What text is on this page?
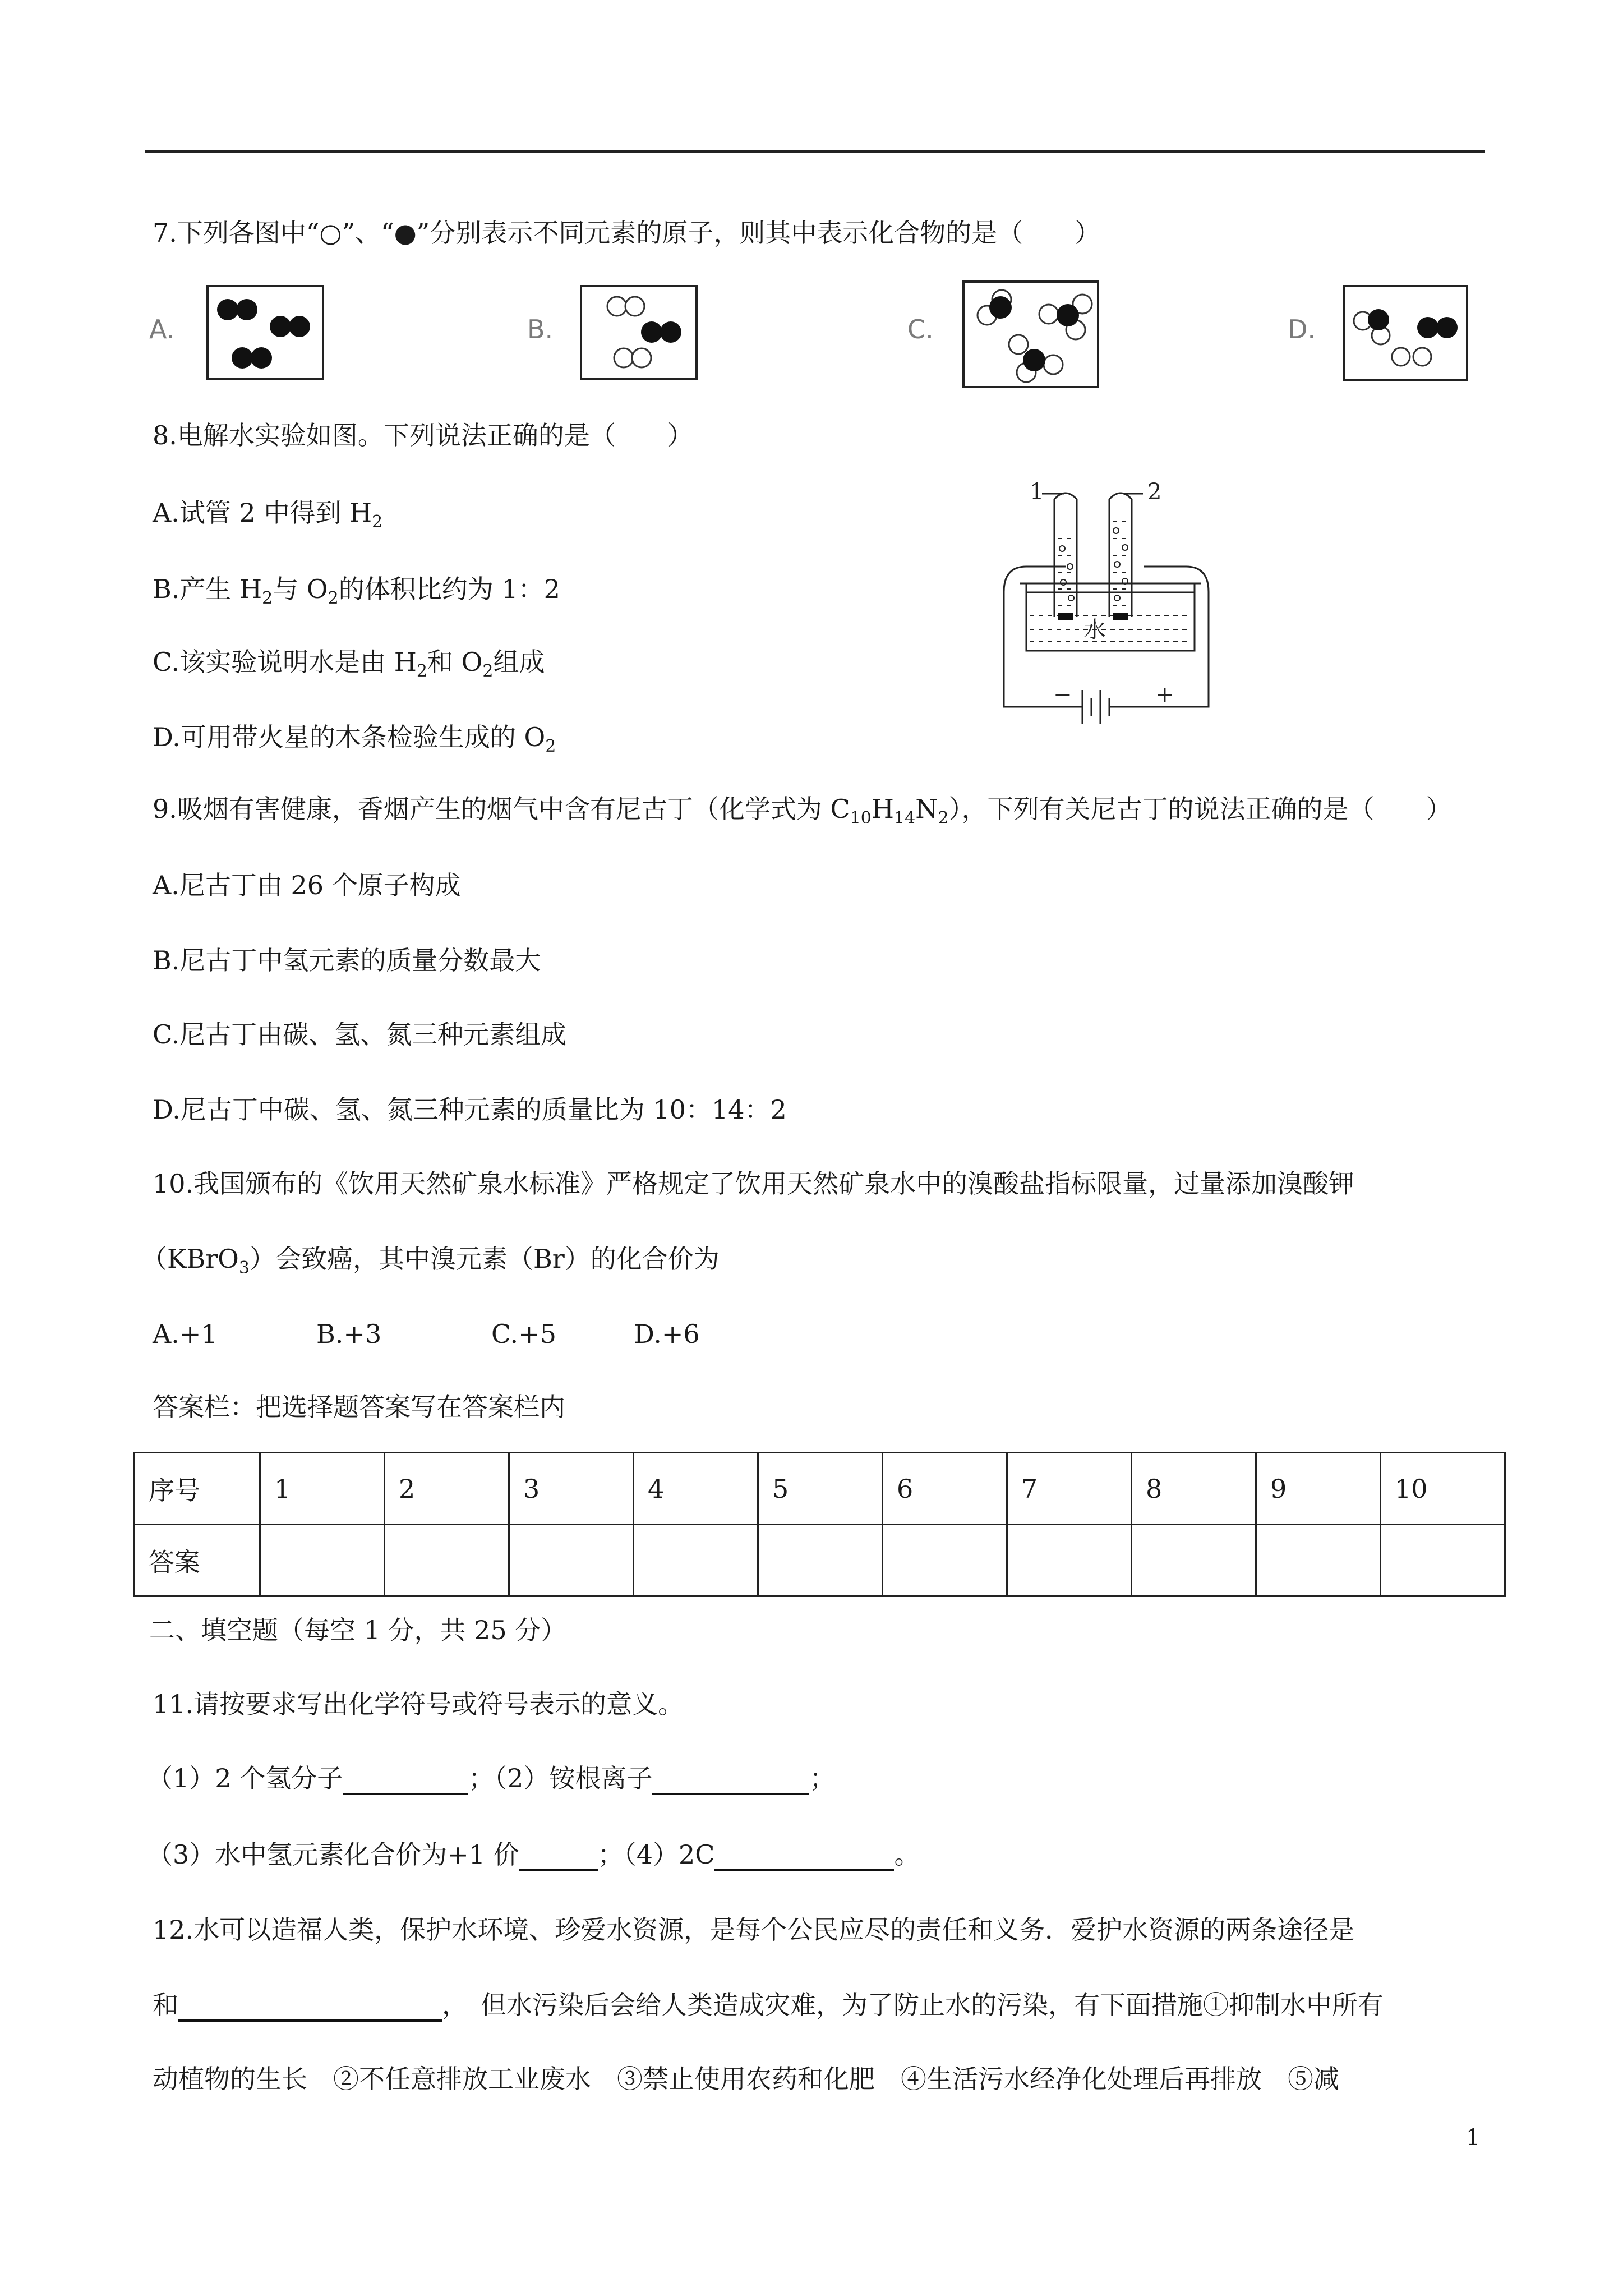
7.下列各图中“○”、“●”分别表示不同元素的原子，则其中表示化合物的是（　　）
A.	B.	C.	D.
8.电解水实验如图。下列说法正确的是（　　）
A.试管 2 中得到 $H_2$
B.产生 $H_2$与 $O_2$的体积比约为 1：2
C.该实验说明水是由 $H_2$和 $O_2$组成
D.可用带火星的木条检验生成的 $O_2$
1	2
水
−	+
9.吸烟有害健康，香烟产生的烟气中含有尼古丁（化学式为 $C_{10}H_{14}N_2$），下列有关尼古丁的说法正确的是（　　）
A.尼古丁由 26 个原子构成
B.尼古丁中氢元素的质量分数最大
C.尼古丁由碳、氢、氮三种元素组成
D.尼古丁中碳、氢、氮三种元素的质量比为 10：14：2
10.我国颁布的《饮用天然矿泉水标准》严格规定了饮用天然矿泉水中的溴酸盐指标限量，过量添加溴酸钾
（KBrO$_3$）会致癌，其中溴元素（Br）的化合价为
A.+1	B.+3	C.+5	D.+6
答案栏：把选择题答案写在答案栏内
序号	1	2	3	4	5	6	7	8	9	10
答案										
二、填空题（每空 1 分，共 25 分）
11.请按要求写出化学符号或符号表示的意义。
（1）2 个氢分子	；（2）铵根离子	；
（3）水中氢元素化合价为+1 价	；（4）2C	。
12.水可以造福人类，保护水环境、珍爱水资源，是每个公民应尽的责任和义务．爱护水资源的两条途径是
和	，　但水污染后会给人类造成灾难，为了防止水的污染，有下面措施①抑制水中所有
动植物的生长　②不任意排放工业废水　③禁止使用农药和化肥　④生活污水经净化处理后再排放　⑤减
1
